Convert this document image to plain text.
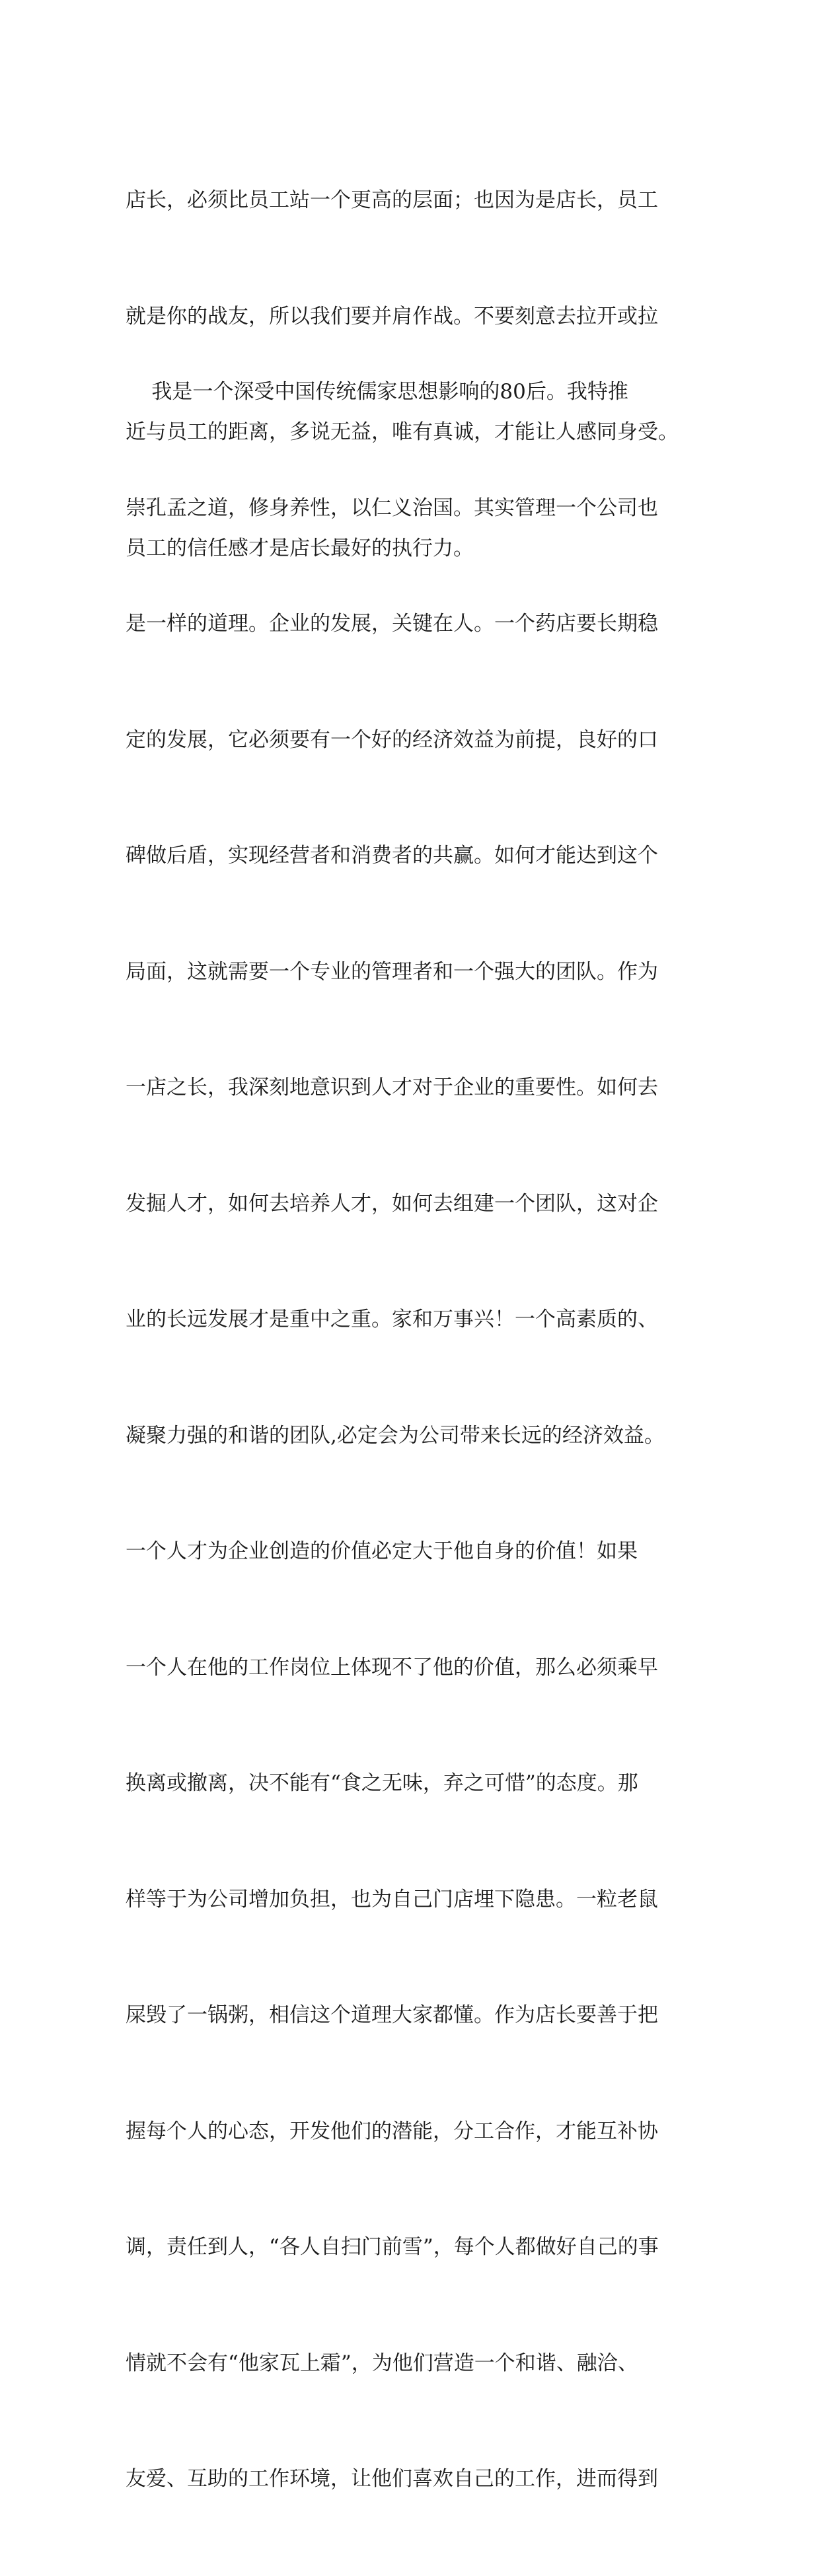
店长，必须比员工站一个更高的层面；也因为是店长，员工

就是你的战友，所以我们要并肩作战。不要刻意去拉开或拉

近与员工的距离，多说无益，唯有真诚，才能让人感同身受。

员工的信任感才是店长最好的执行力。

我是一个深受中国传统儒家思想影响的80后。我特推

崇孔孟之道，修身养性，以仁义治国。其实管理一个公司也

是一样的道理。企业的发展，关键在人。一个药店要长期稳

定的发展，它必须要有一个好的经济效益为前提，良好的口

碑做后盾，实现经营者和消费者的共赢。如何才能达到这个

局面，这就需要一个专业的管理者和一个强大的团队。作为

一店之长，我深刻地意识到人才对于企业的重要性。如何去

发掘人才，如何去培养人才，如何去组建一个团队，这对企

业的长远发展才是重中之重。家和万事兴！一个高素质的、

凝聚力强的和谐的团队,必定会为公司带来长远的经济效益。

一个人才为企业创造的价值必定大于他自身的价值！如果

一个人在他的工作岗位上体现不了他的价值，那么必须乘早

换离或撤离，决不能有“食之无味，弃之可惜”的态度。那

样等于为公司增加负担，也为自己门店埋下隐患。一粒老鼠

屎毁了一锅粥，相信这个道理大家都懂。作为店长要善于把

握每个人的心态，开发他们的潜能，分工合作，才能互补协

调，责任到人，“各人自扫门前雪”，每个人都做好自己的事

情就不会有“他家瓦上霜”，为他们营造一个和谐、融洽、

友爱、互助的工作环境，让他们喜欢自己的工作，进而得到
